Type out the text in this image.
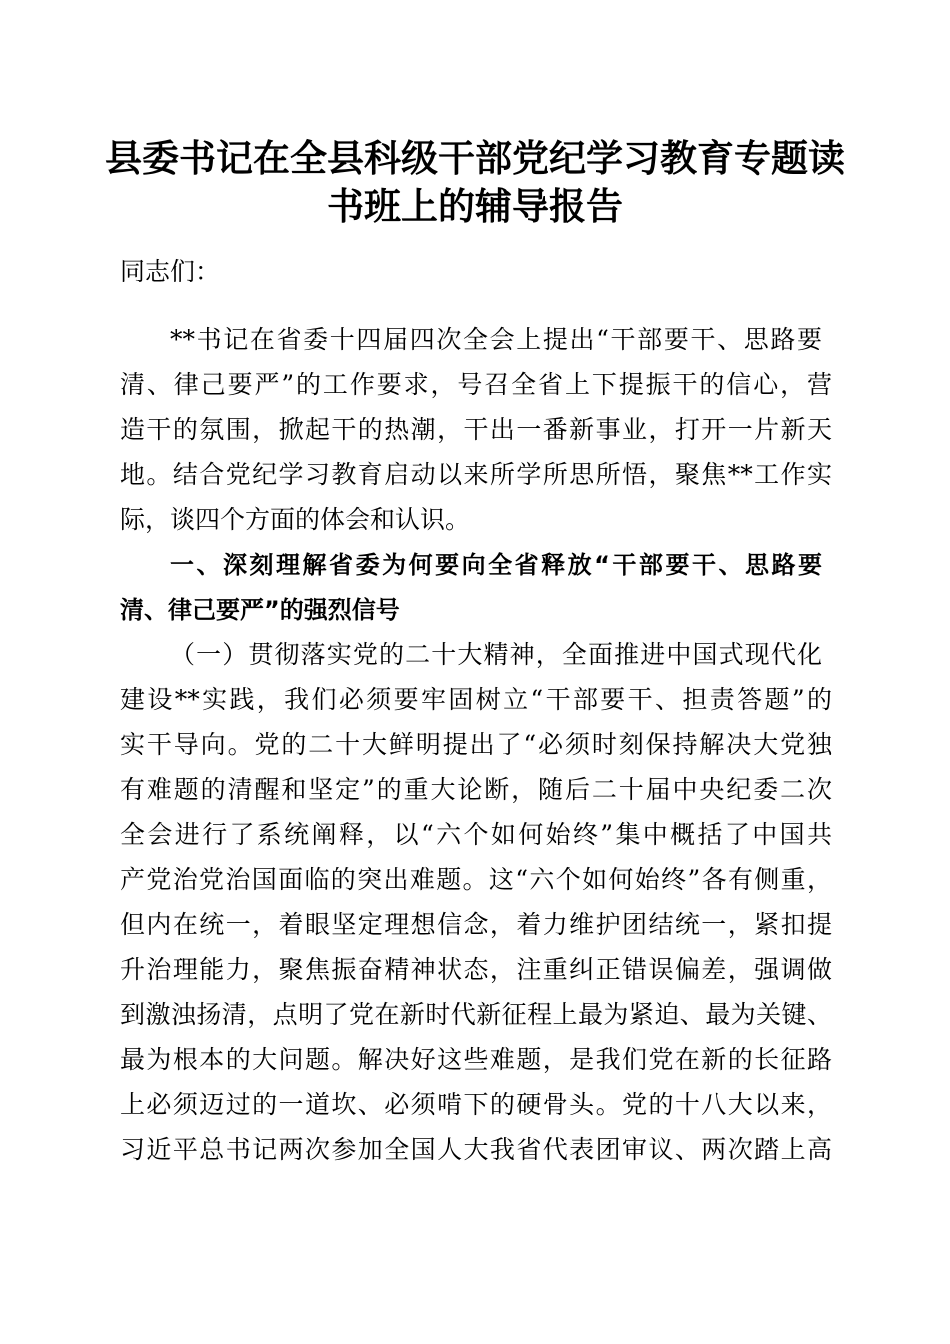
县委书记在全县科级干部党纪学习教育专题读
书班上的辅导报告
同志们：
**书记在省委十四届四次全会上提出“干部要干、思路要
清、律己要严”的工作要求，号召全省上下提振干的信心，营
造干的氛围，掀起干的热潮，干出一番新事业，打开一片新天
地。结合党纪学习教育启动以来所学所思所悟，聚焦**工作实
际，谈四个方面的体会和认识。
一、深刻理解省委为何要向全省释放“干部要干、思路要
清、律己要严”的强烈信号
（一）贯彻落实党的二十大精神，全面推进中国式现代化
建设**实践，我们必须要牢固树立“干部要干、担责答题”的
实干导向。党的二十大鲜明提出了“必须时刻保持解决大党独
有难题的清醒和坚定”的重大论断，随后二十届中央纪委二次
全会进行了系统阐释，以“六个如何始终”集中概括了中国共
产党治党治国面临的突出难题。这“六个如何始终”各有侧重，
但内在统一，着眼坚定理想信念，着力维护团结统一，紧扣提
升治理能力，聚焦振奋精神状态，注重纠正错误偏差，强调做
到激浊扬清，点明了党在新时代新征程上最为紧迫、最为关键、
最为根本的大问题。解决好这些难题，是我们党在新的长征路
上必须迈过的一道坎、必须啃下的硬骨头。党的十八大以来，
习近平总书记两次参加全国人大我省代表团审议、两次踏上高
